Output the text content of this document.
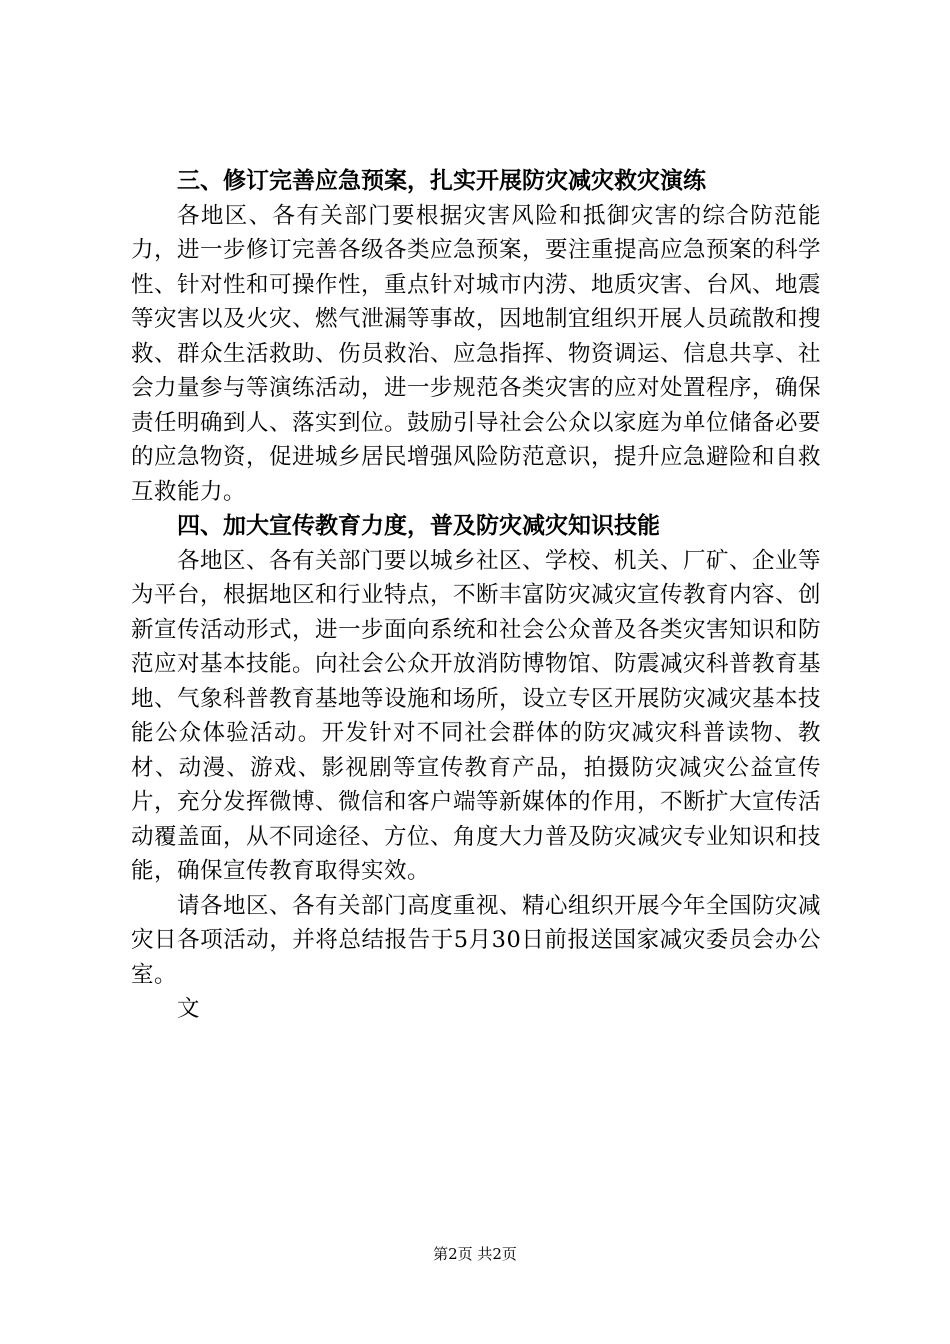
三、修订完善应急预案，扎实开展防灾减灾救灾演练

各地区、各有关部门要根据灾害风险和抵御灾害的综合防范能力，进一步修订完善各级各类应急预案，要注重提高应急预案的科学性、针对性和可操作性，重点针对城市内涝、地质灾害、台风、地震等灾害以及火灾、燃气泄漏等事故，因地制宜组织开展人员疏散和搜救、群众生活救助、伤员救治、应急指挥、物资调运、信息共享、社会力量参与等演练活动，进一步规范各类灾害的应对处置程序，确保责任明确到人、落实到位。鼓励引导社会公众以家庭为单位储备必要的应急物资，促进城乡居民增强风险防范意识，提升应急避险和自救互救能力。

四、加大宣传教育力度，普及防灾减灾知识技能

各地区、各有关部门要以城乡社区、学校、机关、厂矿、企业等为平台，根据地区和行业特点，不断丰富防灾减灾宣传教育内容、创新宣传活动形式，进一步面向系统和社会公众普及各类灾害知识和防范应对基本技能。向社会公众开放消防博物馆、防震减灾科普教育基地、气象科普教育基地等设施和场所，设立专区开展防灾减灾基本技能公众体验活动。开发针对不同社会群体的防灾减灾科普读物、教材、动漫、游戏、影视剧等宣传教育产品，拍摄防灾减灾公益宣传片，充分发挥微博、微信和客户端等新媒体的作用，不断扩大宣传活动覆盖面，从不同途径、方位、角度大力普及防灾减灾专业知识和技能，确保宣传教育取得实效。

请各地区、各有关部门高度重视、精心组织开展今年全国防灾减灾日各项活动，并将总结报告于5月30日前报送国家减灾委员会办公室。

文

第2页 共2页
